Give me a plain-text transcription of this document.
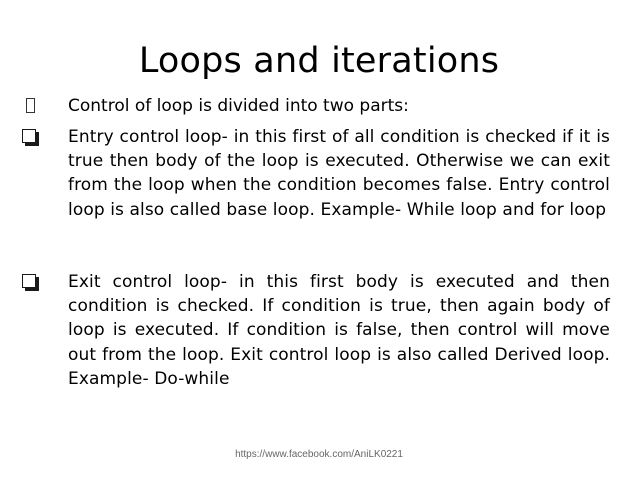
Loops and iterations
Control of loop is divided into two parts:
Entry control loop- in this first of all condition is checked if it is true then body of the loop is executed. Otherwise we can exit from the loop when the condition becomes false. Entry control loop is also called base loop. Example- While loop and for loop
Exit control loop- in this first body is executed and then condition is checked. If condition is true, then again body of loop is executed. If condition is false, then control will move out from the loop. Exit control loop is also called Derived loop. Example- Do-while
https://www.facebook.com/AniLK0221
